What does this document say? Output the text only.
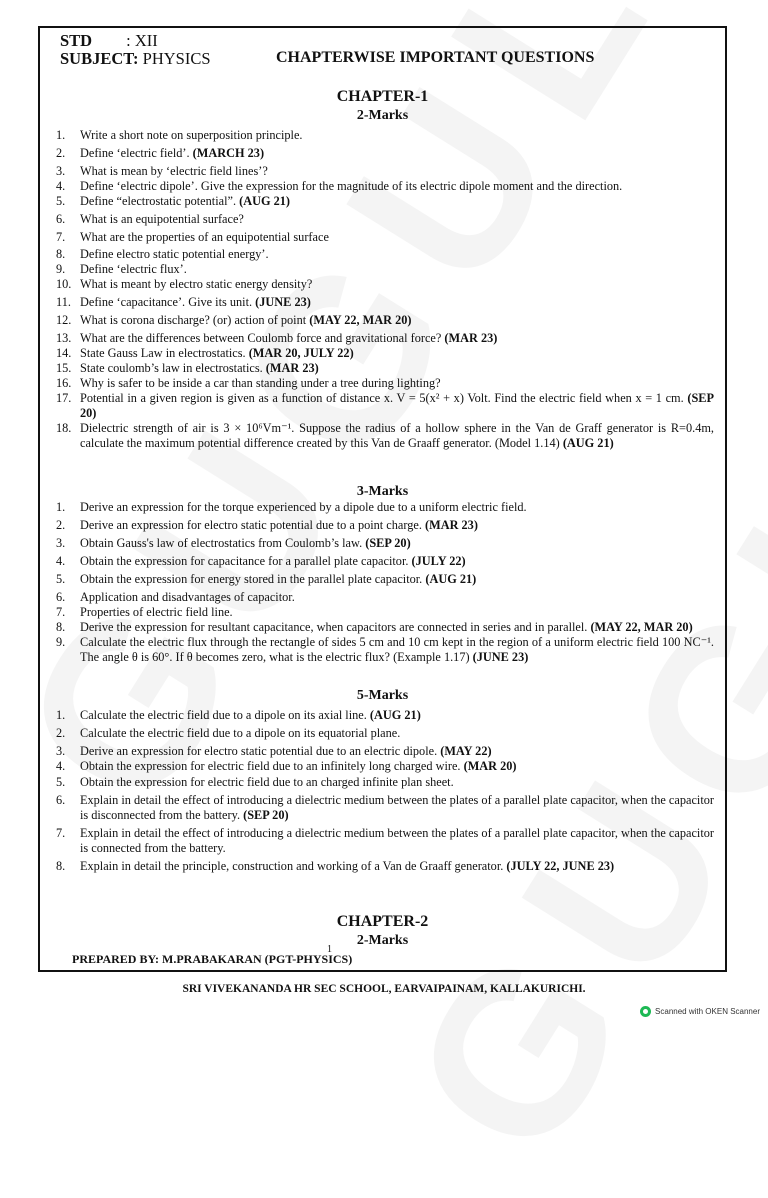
STD : XII
SUBJECT: PHYSICS	CHAPTERWISE IMPORTANT QUESTIONS
CHAPTER-1
2-Marks
1.	Write a short note on superposition principle.
2.	Define ‘electric field’. (MARCH 23)
3.	What is mean by ‘electric field lines’?
4.	Define ‘electric dipole’. Give the expression for the magnitude of its electric dipole moment and the direction.
5.	Define “electrostatic potential”. (AUG 21)
6.	What is an equipotential surface?
7.	What are the properties of an equipotential surface
8.	Define electro static potential energy’.
9.	Define ‘electric flux’.
10. What is meant by electro static energy density?
11. Define ‘capacitance’. Give its unit. (JUNE 23)
12. What is corona discharge? (or) action of point (MAY 22, MAR 20)
13. What are the differences between Coulomb force and gravitational force? (MAR 23)
14. State Gauss Law in electrostatics. (MAR 20, JULY 22)
15. State coulomb’s law in electrostatics. (MAR 23)
16. Why is safer to be inside a car than standing under a tree during lighting?
17. Potential in a given region is given as a function of distance x. V = 5(x² + x) Volt. Find the electric field when x = 1 cm. (SEP 20)
18. Dielectric strength of air is 3 × 10⁶Vm⁻¹. Suppose the radius of a hollow sphere in the Van de Graff generator is R=0.4m, calculate the maximum potential difference created by this Van de Graaff generator. (Model 1.14) (AUG 21)
3-Marks
1.	Derive an expression for the torque experienced by a dipole due to a uniform electric field.
2.	Derive an expression for electro static potential due to a point charge. (MAR 23)
3.	Obtain Gauss's law of electrostatics from Coulomb’s law. (SEP 20)
4.	Obtain the expression for capacitance for a parallel plate capacitor. (JULY 22)
5.	Obtain the expression for energy stored in the parallel plate capacitor. (AUG 21)
6.	Application and disadvantages of capacitor.
7.	Properties of electric field line.
8.	Derive the expression for resultant capacitance, when capacitors are connected in series and in parallel. (MAY 22, MAR 20)
9.	Calculate the electric flux through the rectangle of sides 5 cm and 10 cm kept in the region of a uniform electric field 100 NC⁻¹. The angle θ is 60°. If θ becomes zero, what is the electric flux? (Example 1.17) (JUNE 23)
5-Marks
1.	Calculate the electric field due to a dipole on its axial line. (AUG 21)
2.	Calculate the electric field due to a dipole on its equatorial plane.
3.	Derive an expression for electro static potential due to an electric dipole. (MAY 22)
4.	Obtain the expression for electric field due to an infinitely long charged wire. (MAR 20)
5.	Obtain the expression for electric field due to an charged infinite plan sheet.
6.	Explain in detail the effect of introducing a dielectric medium between the plates of a parallel plate capacitor, when the capacitor is disconnected from the battery. (SEP 20)
7.	Explain in detail the effect of introducing a dielectric medium between the plates of a parallel plate capacitor, when the capacitor is connected from the battery.
8.	Explain in detail the principle, construction and working of a Van de Graaff generator. (JULY 22, JUNE 23)
CHAPTER-2
2-Marks
PREPARED BY: M.PRABAKARAN (PGT-PHYSICS)
1
SRI VIVEKANANDA HR SEC SCHOOL, EARVAIPAINAM, KALLAKURICHI.
Scanned with OKEN Scanner
